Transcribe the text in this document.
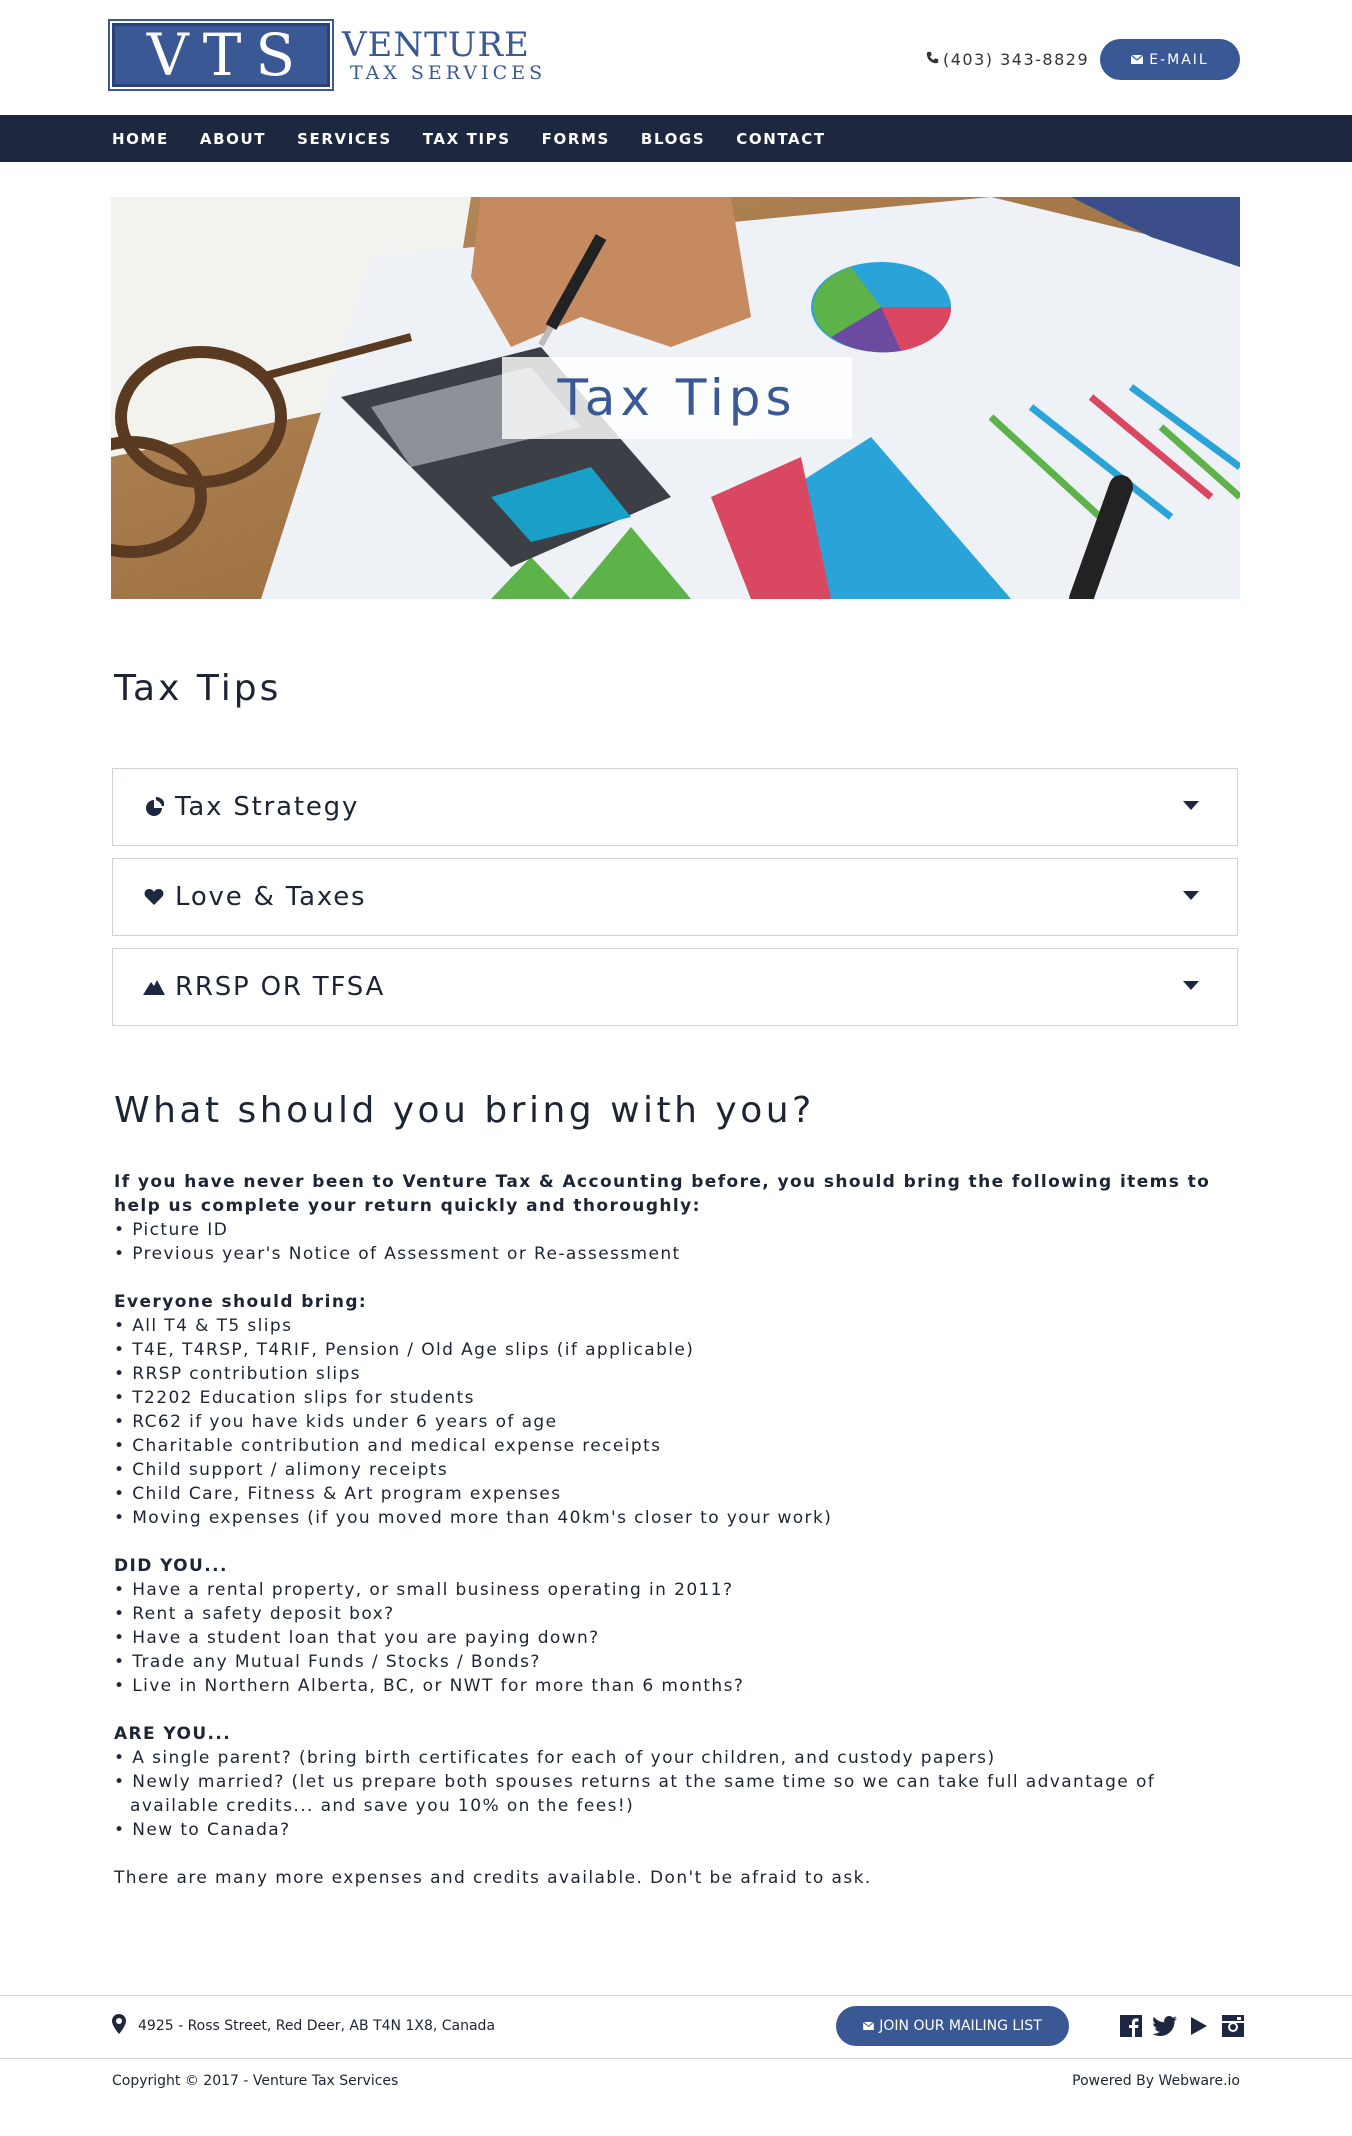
VTS VENTURE
TAX SERVICES
(403) 343-8829	E-MAIL
HOME ABOUT SERVICES TAX TIPS FORMS BLOGS CONTACT
Tax Tips
Tax Tips
Tax Strategy
Love & Taxes
RRSP OR TFSA
What should you bring with you?

If you have never been to Venture Tax & Accounting before, you should bring the following items to help us complete your return quickly and thoroughly:

• Picture ID

• Previous year's Notice of Assessment or Re-assessment

Everyone should bring:

• All T4 & T5 slips

• T4E, T4RSP, T4RIF, Pension / Old Age slips (if applicable)

• RRSP contribution slips

• T2202 Education slips for students

• RC62 if you have kids under 6 years of age

• Charitable contribution and medical expense receipts

• Child support / alimony receipts

• Child Care, Fitness & Art program expenses

• Moving expenses (if you moved more than 40km's closer to your work)

DID YOU...

• Have a rental property, or small business operating in 2011?

• Rent a safety deposit box?

• Have a student loan that you are paying down?

• Trade any Mutual Funds / Stocks / Bonds?

• Live in Northern Alberta, BC, or NWT for more than 6 months?

ARE YOU...

• A single parent? (bring birth certificates for each of your children, and custody papers)

• Newly married? (let us prepare both spouses returns at the same time so we can take full advantage of available credits... and save you 10% on the fees!)

• New to Canada?

There are many more expenses and credits available. Don't be afraid to ask.

4925 - Ross Street, Red Deer, AB T4N 1X8, Canada	JOIN OUR MAILING LIST
Copyright © 2017 - Venture Tax Services	Powered By Webware.io
